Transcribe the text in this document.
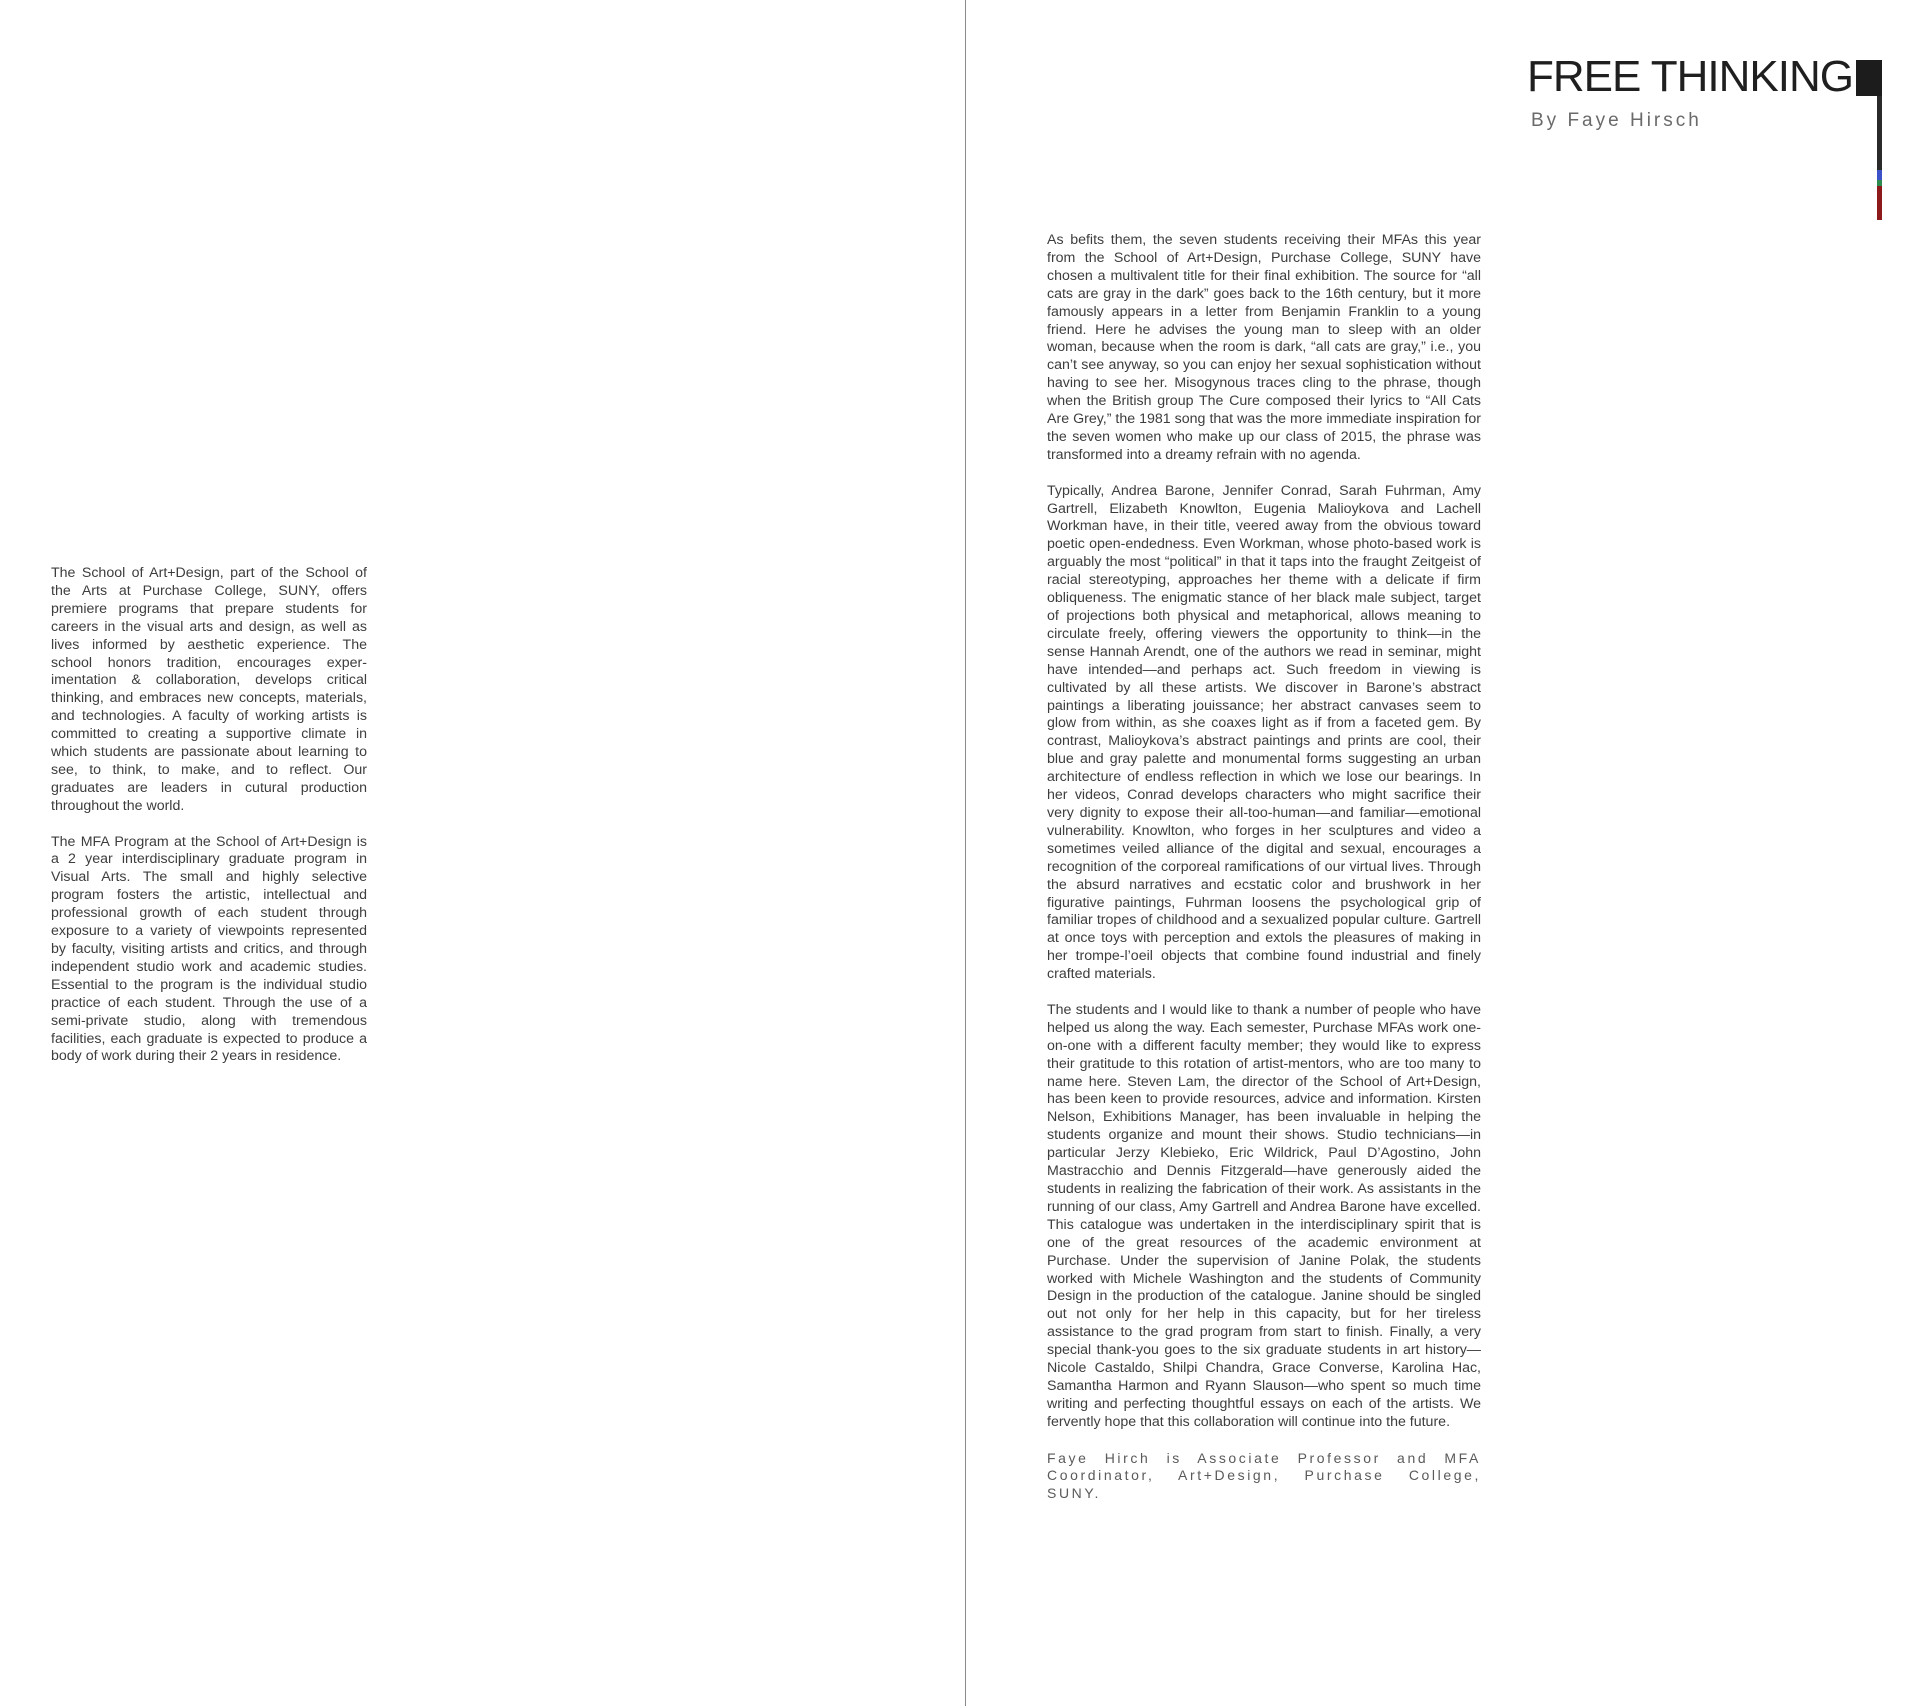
The School of Art+Design, part of the School of the Arts at Purchase College, SUNY, offers premiere programs that prepare students for careers in the visual arts and design, as well as lives informed by aesthetic experience. The school honors tradition, encourages experimentation & collaboration, develops critical thinking, and embraces new concepts, materials, and technologies. A faculty of working artists is committed to creating a supportive climate in which students are passionate about learning to see, to think, to make, and to reflect. Our graduates are leaders in cutural production throughout the world.

The MFA Program at the School of Art+Design is a 2 year interdisciplinary graduate program in Visual Arts. The small and highly selective program fosters the artistic, intellectual and professional growth of each student through exposure to a variety of viewpoints represented by faculty, visiting artists and critics, and through independent studio work and academic studies. Essential to the program is the individual studio practice of each student. Through the use of a semi-private studio, along with tremendous facilities, each graduate is expected to produce a body of work during their 2 years in residence.

FREE THINKING
By Faye Hirsch

As befits them, the seven students receiving their MFAs this year from the School of Art+Design, Purchase College, SUNY have chosen a multivalent title for their final exhibition. The source for “all cats are gray in the dark” goes back to the 16th century, but it more famously appears in a letter from Benjamin Franklin to a young friend. Here he advises the young man to sleep with an older woman, because when the room is dark, “all cats are gray,” i.e., you can’t see anyway, so you can enjoy her sexual sophistication without having to see her. Misogynous traces cling to the phrase, though when the British group The Cure composed their lyrics to “All Cats Are Grey,” the 1981 song that was the more immediate inspiration for the seven women who make up our class of 2015, the phrase was transformed into a dreamy refrain with no agenda.

Typically, Andrea Barone, Jennifer Conrad, Sarah Fuhrman, Amy Gartrell, Elizabeth Knowlton, Eugenia Malioykova and Lachell Workman have, in their title, veered away from the obvious toward poetic open-endedness. Even Workman, whose photo-based work is arguably the most “political” in that it taps into the fraught Zeitgeist of racial stereotyping, approaches her theme with a delicate if firm obliqueness. The enigmatic stance of her black male subject, target of projections both physical and metaphorical, allows meaning to circulate freely, offering viewers the opportunity to think—in the sense Hannah Arendt, one of the authors we read in seminar, might have intended—and perhaps act. Such freedom in viewing is cultivated by all these artists. We discover in Barone’s abstract paintings a liberating jouissance; her abstract canvases seem to glow from within, as she coaxes light as if from a faceted gem. By contrast, Malioykova’s abstract paintings and prints are cool, their blue and gray palette and monumental forms suggesting an urban architecture of endless reflection in which we lose our bearings. In her videos, Conrad develops characters who might sacrifice their very dignity to expose their all-too-human—and familiar—emotional vulnerability. Knowlton, who forges in her sculptures and video a sometimes veiled alliance of the digital and sexual, encourages a recognition of the corporeal ramifications of our virtual lives. Through the absurd narratives and ecstatic color and brushwork in her figurative paintings, Fuhrman loosens the psychological grip of familiar tropes of childhood and a sexualized popular culture. Gartrell at once toys with perception and extols the pleasures of making in her trompe-l’oeil objects that combine found industrial and finely crafted materials.

The students and I would like to thank a number of people who have helped us along the way. Each semester, Purchase MFAs work one-on-one with a different faculty member; they would like to express their gratitude to this rotation of artist-mentors, who are too many to name here. Steven Lam, the director of the School of Art+Design, has been keen to provide resources, advice and information. Kirsten Nelson, Exhibitions Manager, has been invaluable in helping the students organize and mount their shows. Studio technicians—in particular Jerzy Klebieko, Eric Wildrick, Paul D’Agostino, John Mastracchio and Dennis Fitzgerald—have generously aided the students in realizing the fabrication of their work. As assistants in the running of our class, Amy Gartrell and Andrea Barone have excelled. This catalogue was undertaken in the interdisciplinary spirit that is one of the great resources of the academic environment at Purchase. Under the supervision of Janine Polak, the students worked with Michele Washington and the students of Community Design in the production of the catalogue. Janine should be singled out not only for her help in this capacity, but for her tireless assistance to the grad program from start to finish. Finally, a very special thank-you goes to the six graduate students in art history—Nicole Castaldo, Shilpi Chandra, Grace Converse, Karolina Hac, Samantha Harmon and Ryann Slauson—who spent so much time writing and perfecting thoughtful essays on each of the artists. We fervently hope that this collaboration will continue into the future.

Faye Hirch is Associate Professor and MFA Coordinator, Art+Design, Purchase College, SUNY.
